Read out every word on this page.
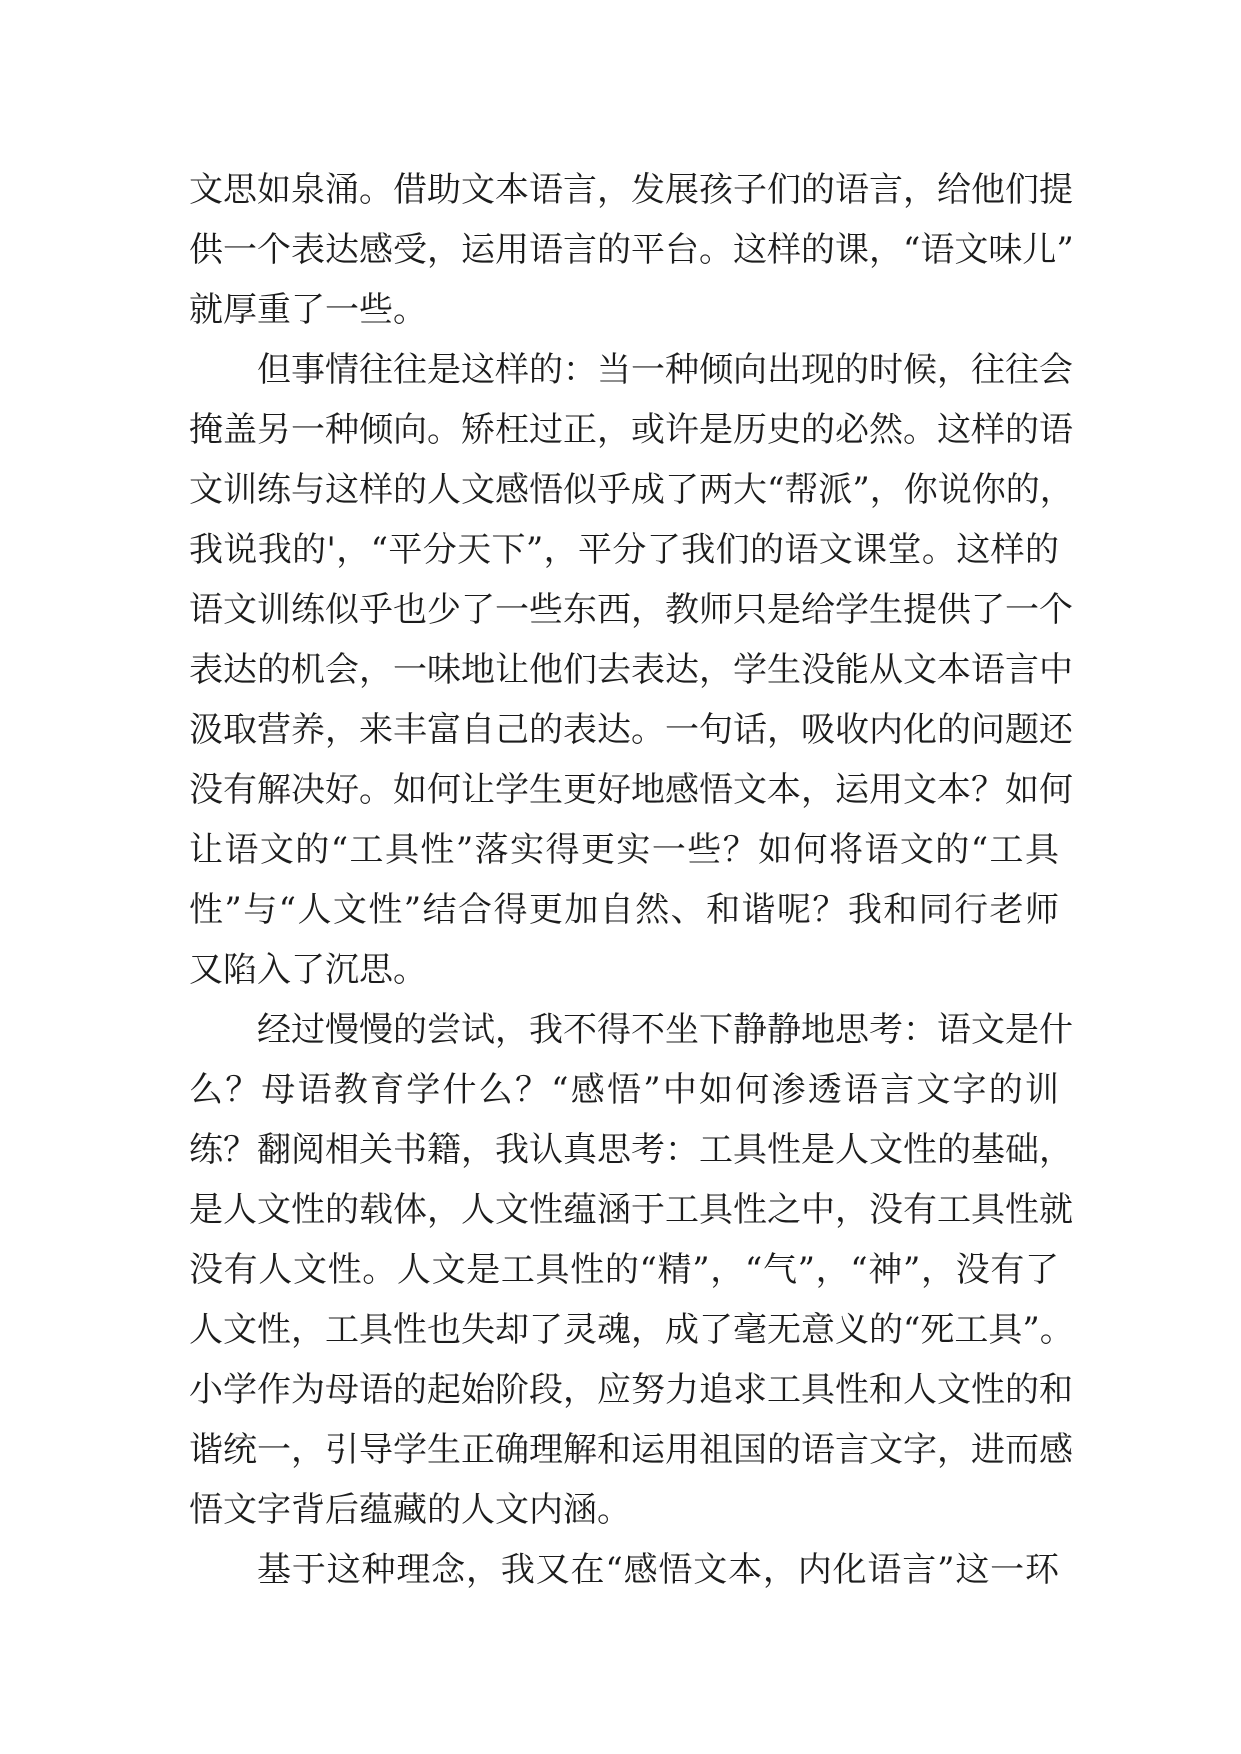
文思如泉涌。借助文本语言，发展孩子们的语言，给他们提
供一个表达感受，运用语言的平台。这样的课，“语文味儿”
就厚重了一些。
但事情往往是这样的：当一种倾向出现的时候，往往会
掩盖另一种倾向。矫枉过正，或许是历史的必然。这样的语
文训练与这样的人文感悟似乎成了两大“帮派”，你说你的，
我说我的'，“平分天下”，平分了我们的语文课堂。这样的
语文训练似乎也少了一些东西，教师只是给学生提供了一个
表达的机会，一味地让他们去表达，学生没能从文本语言中
汲取营养，来丰富自己的表达。一句话，吸收内化的问题还
没有解决好。如何让学生更好地感悟文本，运用文本？如何
让语文的“工具性”落实得更实一些？如何将语文的“工具
性”与“人文性”结合得更加自然、和谐呢？我和同行老师
又陷入了沉思。
经过慢慢的尝试，我不得不坐下静静地思考：语文是什
么？母语教育学什么？“感悟”中如何渗透语言文字的训
练？翻阅相关书籍，我认真思考：工具性是人文性的基础，
是人文性的载体，人文性蕴涵于工具性之中，没有工具性就
没有人文性。人文是工具性的“精”，“气”，“神”，没有了
人文性，工具性也失却了灵魂，成了毫无意义的“死工具”。
小学作为母语的起始阶段，应努力追求工具性和人文性的和
谐统一，引导学生正确理解和运用祖国的语言文字，进而感
悟文字背后蕴藏的人文内涵。
基于这种理念，我又在“感悟文本，内化语言”这一环
